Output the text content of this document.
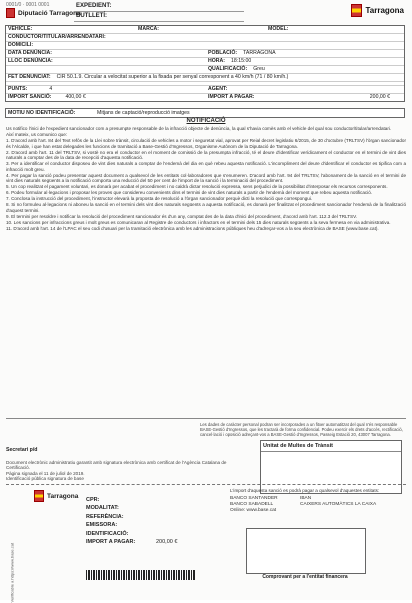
0001/0 · 0001 0001
Diputació Tarragona
EXPEDIENT:
BUTLLETÍ:
Tarragona
VEHICLE:	MARCA:	MODEL:
CONDUCTOR/TITULAR/ARRENDATARI:
DOMICILI:
DATA DENÚNCIA:	POBLACIÓ:	TARRAGONA
LLOC DENÚNCIA:	HORA:	18:15:00
QUALIFICACIÓ:	Greu
FET DENUNCIAT:	CIR 50.1.9. Circular a velocitat superior a la fixada per senyal corresponent a 40 km/h (71 / 80 km/h.)
PUNTS:	4	AGENT:
IMPORT SANCIÓ:	400,00 €	IMPORT A PAGAR:	200,00 €
MOTIU NO IDENTIFICACIÓ:	Mitjans de captació/reproducció imatges
NOTIFICACIÓ

Us notifico l'inici de l'expedient sancionador com a presumpte responsable de la infracció objecte de denúncia, la qual s'havia comès amb el vehicle del qual sou conductor/titular/arrendatari.

Així mateix, us comunico que:

1. D'acord amb l'art. 84 del Text refós de la Llei sobre trànsit, circulació de vehicles a motor i seguretat vial, aprovat per Reial decret legislatiu 6/2015, de 30 d'octubre (TRLTSV) l'òrgan sancionador és l'Alcalde, i que han estat delegades les funcions de tramitació a Base-Gestió d'Ingressos, Organisme Autònom de la Diputació de Tarragona.

2. D'acord amb l'art. 11 del TRLTSV, si vostè no era el conductor en el moment de comissió de la presumpta infracció, té el deure d'identificar verídicament el conductor en el termini de vint dies naturals a comptar des de la data de recepció d'aquesta notificació.

3. Per a identificar el conductor disposeu de vint dies naturals a comptar de l'endemà del dia en què rebeu aquesta notificació. L'incompliment del deure d'identificar el conductor es tipifica com a infracció molt greu.

4. Per pagar la sanció podeu presentar aquest document a qualsevol de les entitats col·laboradores que s'enumeren. D'acord amb l'art. 94 del TRLTSV, l'abonament de la sanció en el termini de vint dies naturals següents a la notificació comporta una reducció del 50 per cent de l'import de la sanció i la terminació del procediment.

5. Un cop realitzat el pagament voluntari, es donarà per acabat el procediment i no caldrà dictar resolució expressa, sens perjudici de la possibilitat d'interposar els recursos corresponents.

6. Podeu formular al·legacions i proposar les proves que considereu convenients dins el termini de vint dies naturals a partir de l'endemà del moment que rebeu aquesta notificació.

7. Conclosa la instrucció del procediment, l'instructor elevarà la proposta de resolució a l'òrgan sancionador perquè dicti la resolució que correspongui.

8. Si no formuleu al·legacions ni aboneu la sanció en el termini dels vint dies naturals següents a aquesta notificació, es donarà per finalitzat el procediment sancionador l'endemà de la finalització d'aquest termini.

9. El termini per resoldre i notificar la resolució del procediment sancionador és d'un any, comptat des de la data d'inici del procediment, d'acord amb l'art. 112.3 del TRLTSV.

10. Les sancions per infraccions greus i molt greus es comunicaran al Registre de conductors i infractors en el termini dels 15 dies naturals següents a la seva fermesa en via administrativa.

11. D'acord amb l'art. 14 de l'LPAC el seu codi d'usuari per la tramitació electrònica amb les administracions públiques heu d'adreçar-vos a la seu electrònica de BASE (www.base.cat).

Les dades de caràcter personal podran ser incorporades a un fitxer automatitzat del qual n'és responsable BASE-Gestió d'Ingressos, que les tractarà de forma confidencial. Podeu exercir els drets d'accés, rectificació, cancel·lació i oposició adreçant-vos a BASE-Gestió d'Ingressos, Passeig Estació 20, 43007 Tarragona.
Secretari p/d
Document electrònic administratiu garantit amb signatura electrònica amb certificat de l'Agència Catalana de Certificació.
Pàgina signada el 11 de juliol de 2019.
Identificació pública signatura de base
Unitat de Multes de Trànsit
Tarragona
CPR:
MODALITAT:
REFERÈNCIA:
EMISSORA:
IDENTIFICACIÓ:
IMPORT A PAGAR:	200,00 €
L'import d'aquesta sanció es podrà pagar a qualsevol d'aquestes entitats:
BANCO SANTANDER	IBAN
BANCO SABADELL	CAIXERS AUTOMÀTICS LA CAIXA
Online: www.base.cat
Comprovant per a l'entitat financera
Verificable a https://www.base.cat
